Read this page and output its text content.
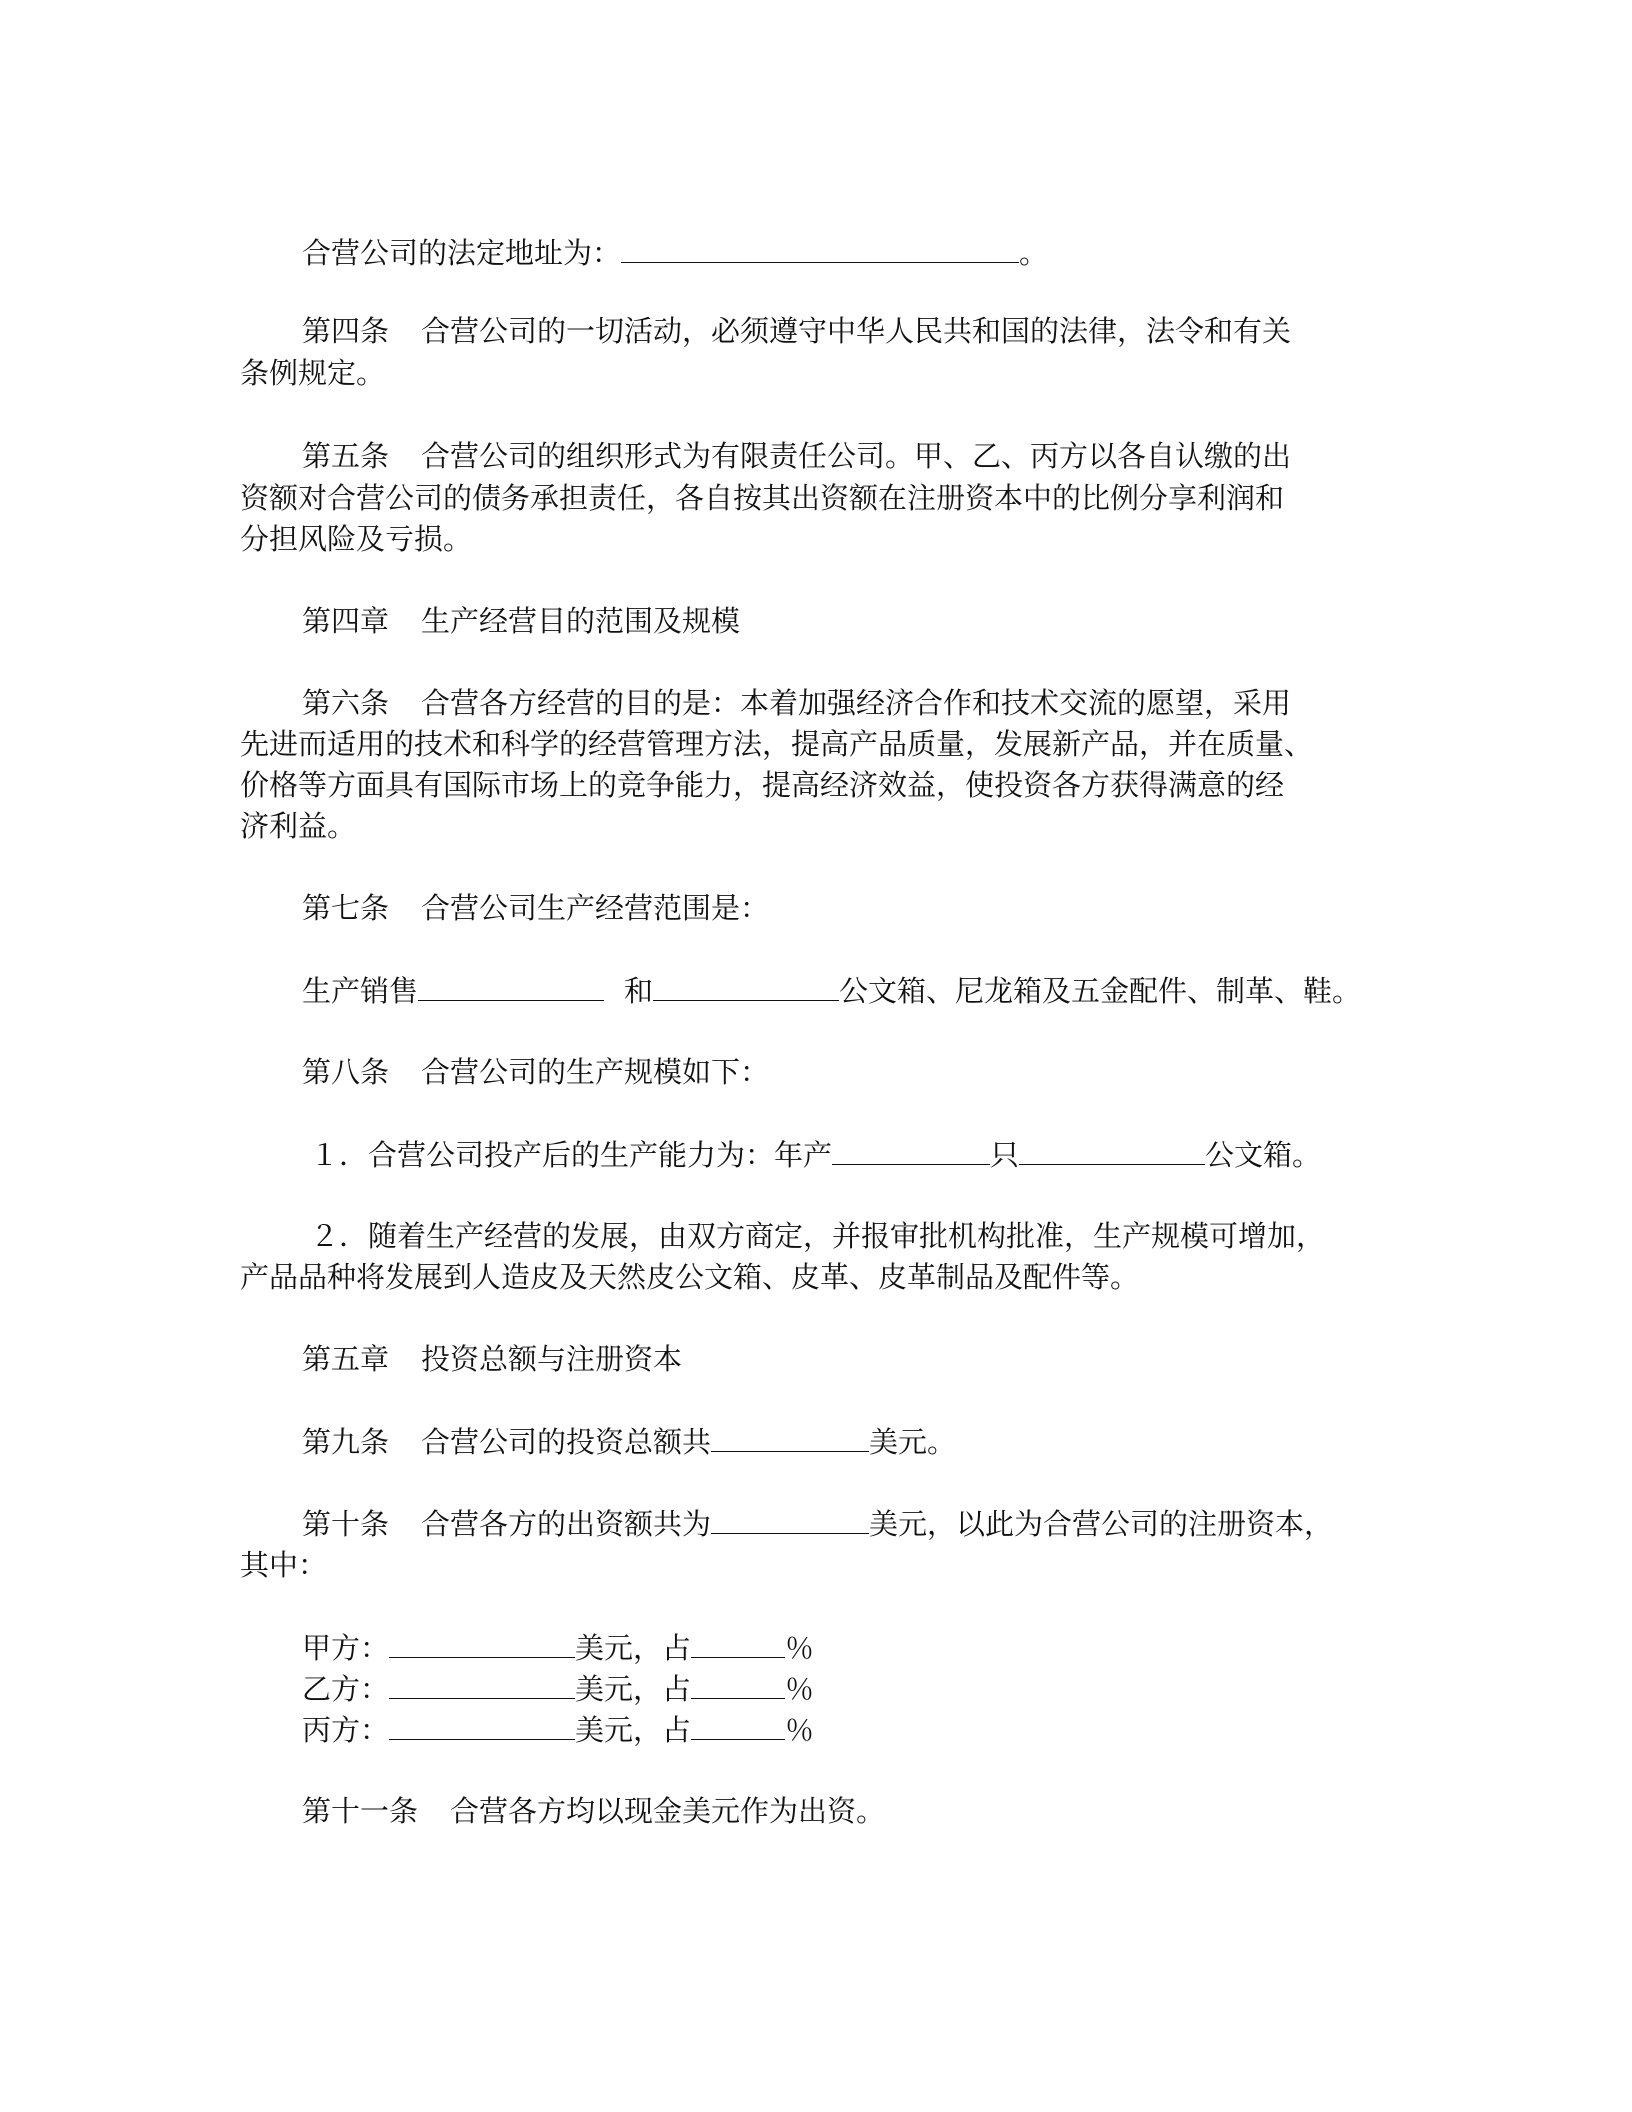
合营公司的法定地址为：	。
第四条 合营公司的一切活动，必须遵守中华人民共和国的法律，法令和有关
条例规定。
第五条 合营公司的组织形式为有限责任公司。甲、乙、丙方以各自认缴的出
资额对合营公司的债务承担责任，各自按其出资额在注册资本中的比例分享利润和
分担风险及亏损。
第四章 生产经营目的范围及规模
第六条 合营各方经营的目的是：本着加强经济合作和技术交流的愿望，采用
先进而适用的技术和科学的经营管理方法，提高产品质量，发展新产品，并在质量、
价格等方面具有国际市场上的竞争能力，提高经济效益，使投资各方获得满意的经
济利益。
第七条 合营公司生产经营范围是：
生产销售	和	公文箱、尼龙箱及五金配件、制革、鞋。
第八条 合营公司的生产规模如下：
１．合营公司投产后的生产能力为：年产	只	公文箱。
２．随着生产经营的发展，由双方商定，并报审批机构批准，生产规模可增加，
产品品种将发展到人造皮及天然皮公文箱、皮革、皮革制品及配件等。
第五章 投资总额与注册资本
第九条 合营公司的投资总额共	美元。
第十条 合营各方的出资额共为	美元，以此为合营公司的注册资本，
其中：
甲方：	美元，占	％
乙方：	美元，占	％
丙方：	美元，占	％
第十一条 合营各方均以现金美元作为出资。
